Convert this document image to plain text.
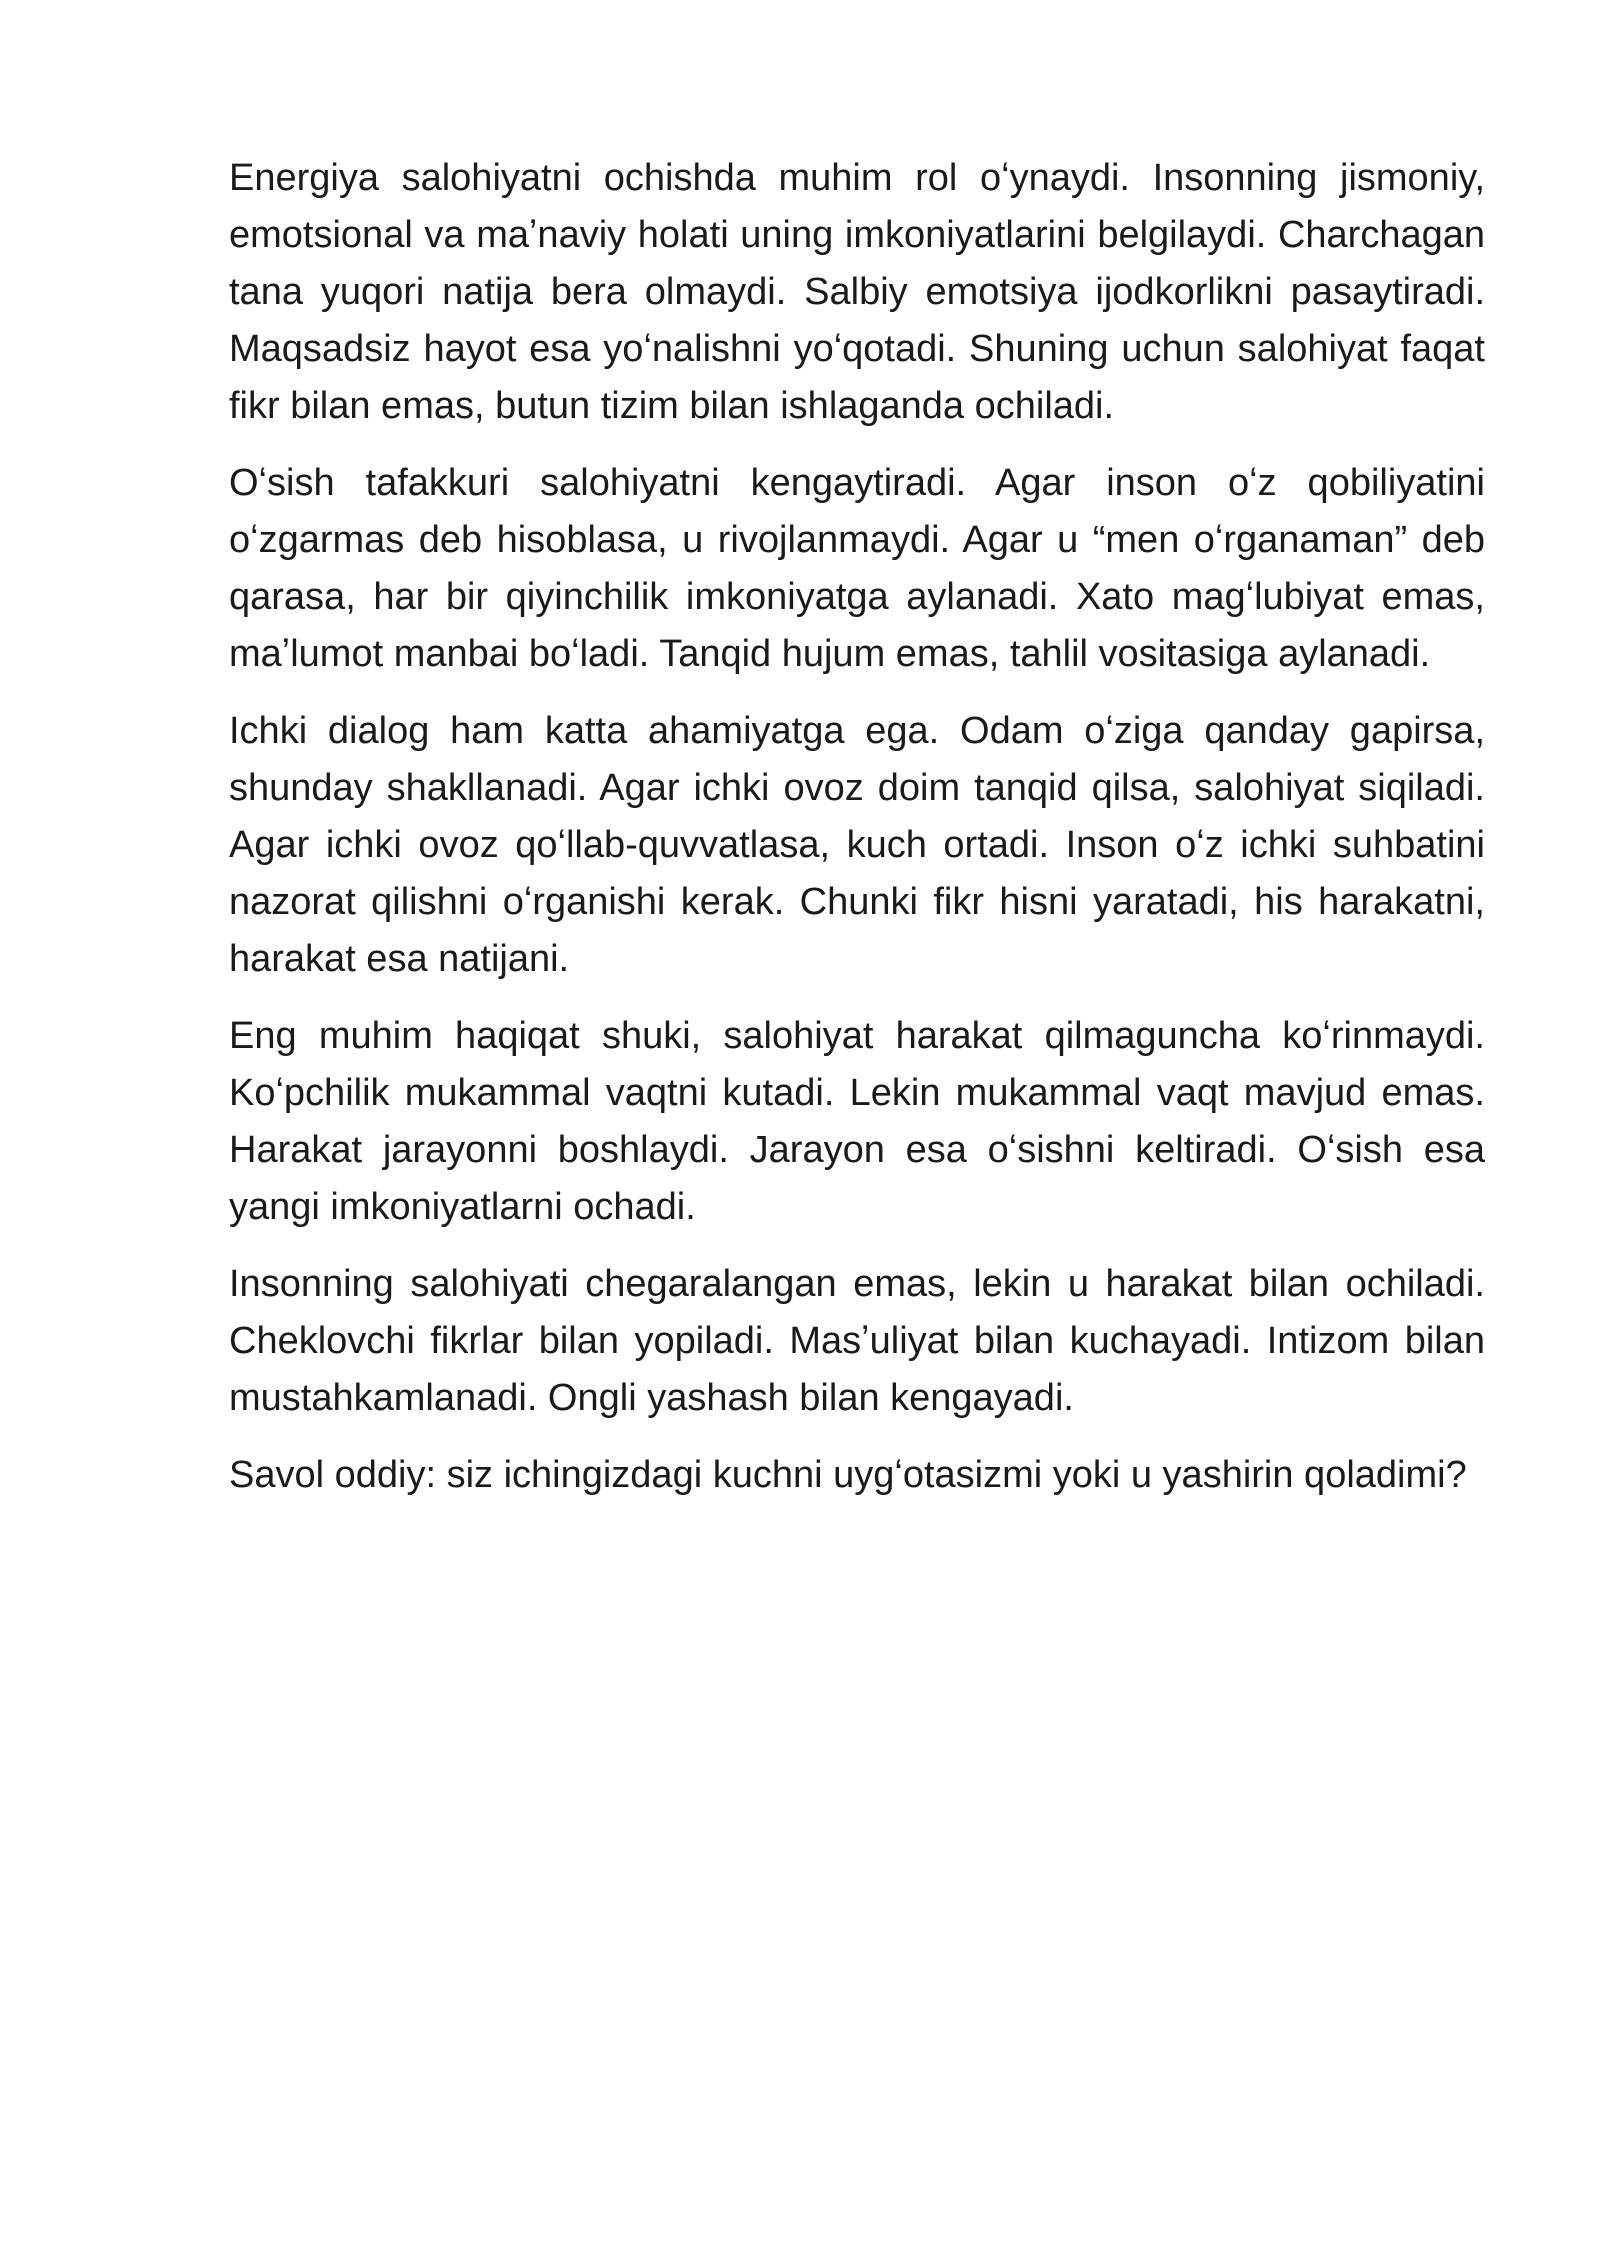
Energiya salohiyatni ochishda muhim rol oʻynaydi. Insonning jismoniy, emotsional va maʼnaviy holati uning imkoniyatlarini belgilaydi. Charchagan tana yuqori natija bera olmaydi. Salbiy emotsiya ijodkorlikni pasaytiradi. Maqsadsiz hayot esa yoʻnalishni yoʻqotadi. Shuning uchun salohiyat faqat fikr bilan emas, butun tizim bilan ishlaganda ochiladi.

Oʻsish tafakkuri salohiyatni kengaytiradi. Agar inson oʻz qobiliyatini oʻzgarmas deb hisoblasa, u rivojlanmaydi. Agar u “men oʻrganaman” deb qarasa, har bir qiyinchilik imkoniyatga aylanadi. Xato magʻlubiyat emas, maʼlumot manbai boʻladi. Tanqid hujum emas, tahlil vositasiga aylanadi.

Ichki dialog ham katta ahamiyatga ega. Odam oʻziga qanday gapirsa, shunday shakllanadi. Agar ichki ovoz doim tanqid qilsa, salohiyat siqiladi. Agar ichki ovoz qoʻllab-quvvatlasa, kuch ortadi. Inson oʻz ichki suhbatini nazorat qilishni oʻrganishi kerak. Chunki fikr hisni yaratadi, his harakatni, harakat esa natijani.

Eng muhim haqiqat shuki, salohiyat harakat qilmaguncha koʻrinmaydi. Koʻpchilik mukammal vaqtni kutadi. Lekin mukammal vaqt mavjud emas. Harakat jarayonni boshlaydi. Jarayon esa oʻsishni keltiradi. Oʻsish esa yangi imkoniyatlarni ochadi.

Insonning salohiyati chegaralangan emas, lekin u harakat bilan ochiladi. Cheklovchi fikrlar bilan yopiladi. Masʼuliyat bilan kuchayadi. Intizom bilan mustahkamlanadi. Ongli yashash bilan kengayadi.

Savol oddiy: siz ichingizdagi kuchni uygʻotasizmi yoki u yashirin qoladimi?
